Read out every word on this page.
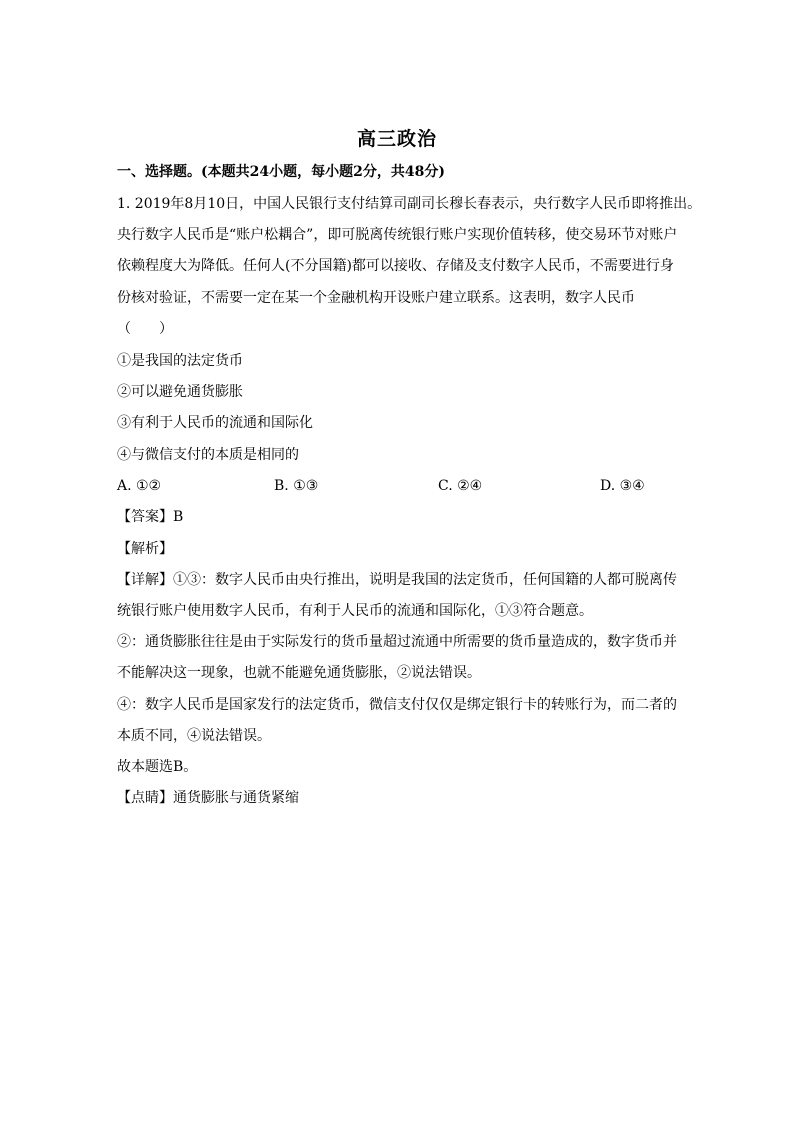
高三政治
一、选择题。(本题共24小题，每小题2分，共48分)
1. 2019年8月10日，中国人民银行支付结算司副司长穆长春表示，央行数字人民币即将推出。
央行数字人民币是“账户松耦合”，即可脱离传统银行账户实现价值转移，使交易环节对账户
依赖程度大为降低。任何人(不分国籍)都可以接收、存储及支付数字人民币，不需要进行身
份核对验证，不需要一定在某一个金融机构开设账户建立联系。这表明，数字人民币
（　　）
①是我国的法定货币
②可以避免通货膨胀
③有利于人民币的流通和国际化
④与微信支付的本质是相同的
A. ①②	B. ①③	C. ②④	D. ③④
【答案】B
【解析】
【详解】①③：数字人民币由央行推出，说明是我国的法定货币，任何国籍的人都可脱离传
统银行账户使用数字人民币，有利于人民币的流通和国际化，①③符合题意。
②：通货膨胀往往是由于实际发行的货币量超过流通中所需要的货币量造成的，数字货币并
不能解决这一现象，也就不能避免通货膨胀，②说法错误。
④：数字人民币是国家发行的法定货币，微信支付仅仅是绑定银行卡的转账行为，而二者的
本质不同，④说法错误。
故本题选B。
【点睛】通货膨胀与通货紧缩
